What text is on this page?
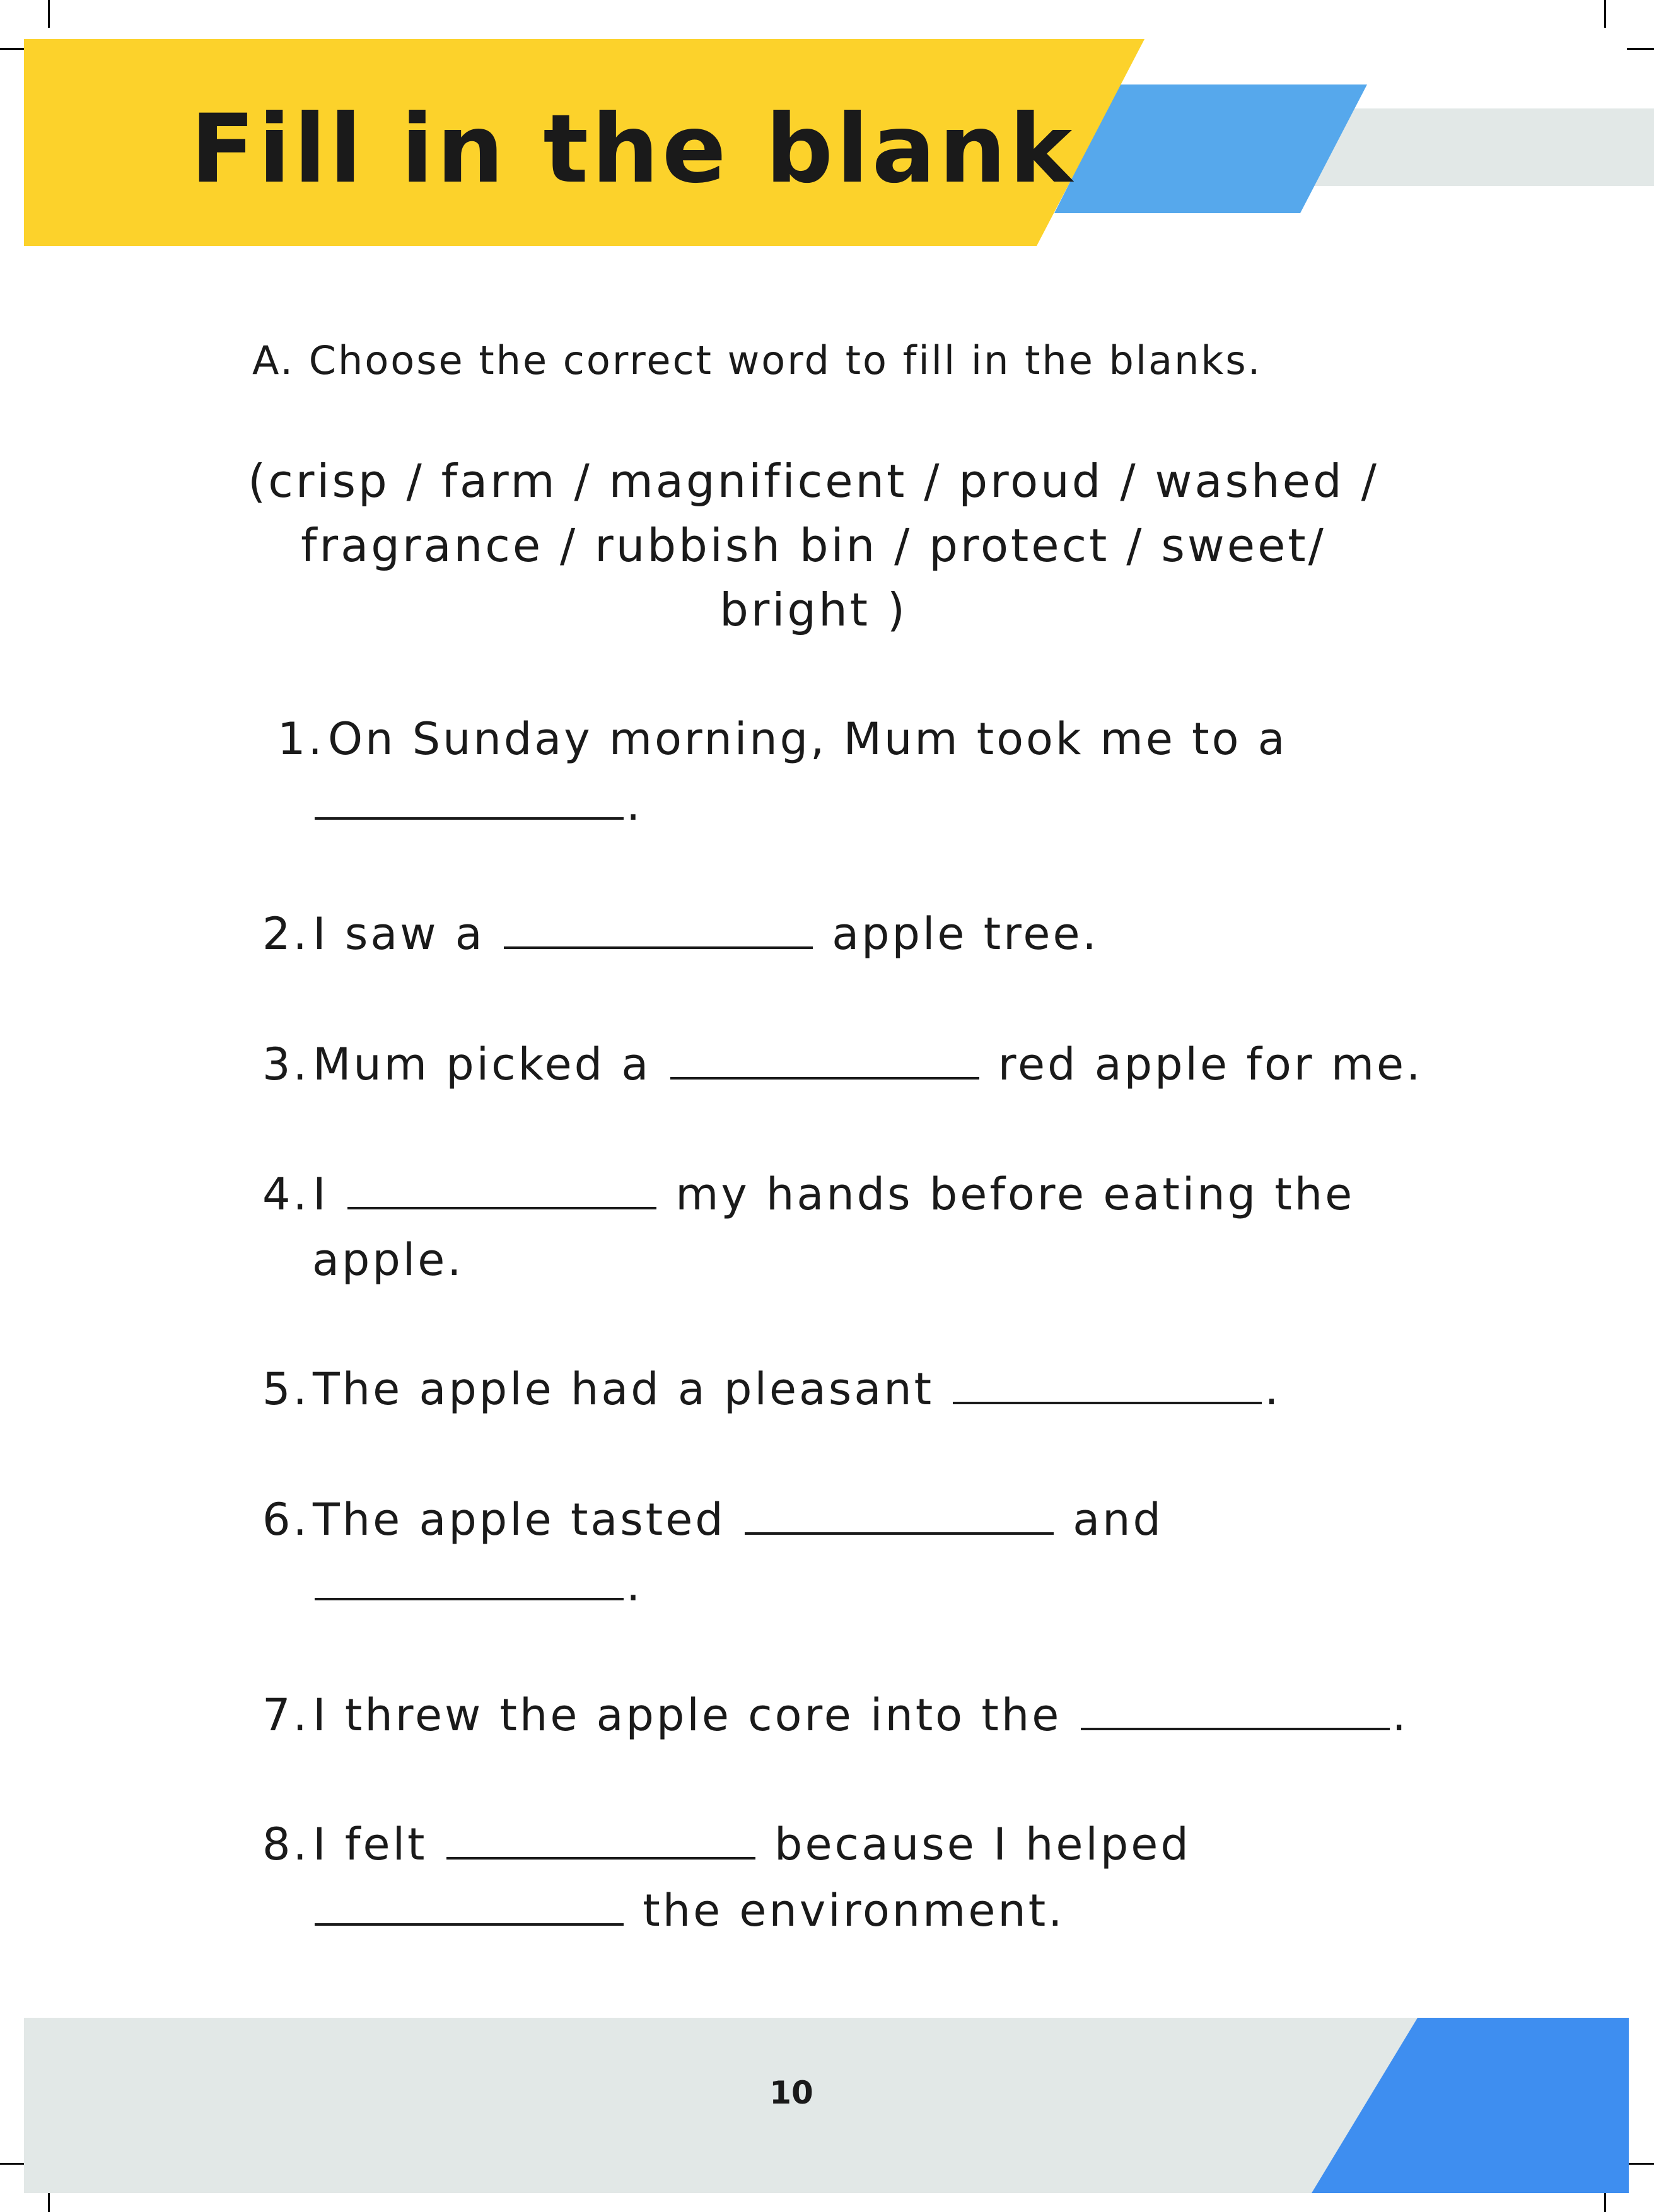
Fill in the blank
A. Choose the correct word to fill in the blanks.
(crisp / farm / magnificent / proud / washed /
fragrance / rubbish bin / protect / sweet/
bright )
1.On Sunday morning, Mum took me to a
.
2.I saw a	apple tree.
3.Mum picked a	red apple for me.
4.I	my hands before eating the
apple.
5.The apple had a pleasant	.
6.The apple tasted	and
.
7.I threw the apple core into the	.
8.I felt	because I helped
the environment.
10
